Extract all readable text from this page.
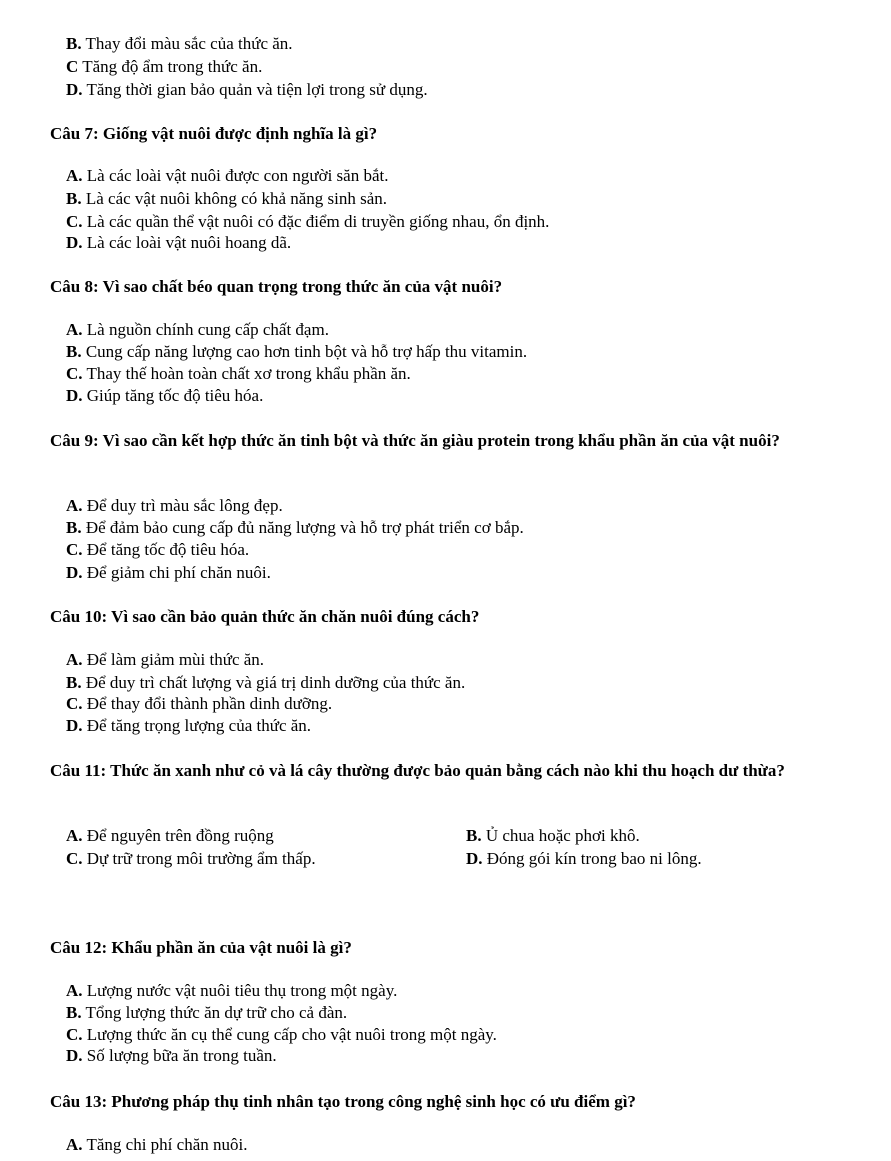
B. Thay đổi màu sắc của thức ăn.
C Tăng độ ẩm trong thức ăn.
D. Tăng thời gian bảo quản và tiện lợi trong sử dụng.
Câu 7: Giống vật nuôi được định nghĩa là gì?
A. Là các loài vật nuôi được con người săn bắt.
B. Là các vật nuôi không có khả năng sinh sản.
C. Là các quần thể vật nuôi có đặc điểm di truyền giống nhau, ổn định.
D. Là các loài vật nuôi hoang dã.
Câu 8: Vì sao chất béo quan trọng trong thức ăn của vật nuôi?
A. Là nguồn chính cung cấp chất đạm.
B. Cung cấp năng lượng cao hơn tinh bột và hỗ trợ hấp thu vitamin.
C. Thay thế hoàn toàn chất xơ trong khẩu phần ăn.
D. Giúp tăng tốc độ tiêu hóa.
Câu 9: Vì sao cần kết hợp thức ăn tinh bột và thức ăn giàu protein trong khẩu phần ăn của vật nuôi?
A. Để duy trì màu sắc lông đẹp.
B. Để đảm bảo cung cấp đủ năng lượng và hỗ trợ phát triển cơ bắp.
C. Để tăng tốc độ tiêu hóa.
D. Để giảm chi phí chăn nuôi.
Câu 10: Vì sao cần bảo quản thức ăn chăn nuôi đúng cách?
A. Để làm giảm mùi thức ăn.
B. Để duy trì chất lượng và giá trị dinh dưỡng của thức ăn.
C. Để thay đổi thành phần dinh dưỡng.
D. Để tăng trọng lượng của thức ăn.
Câu 11: Thức ăn xanh như cỏ và lá cây thường được bảo quản bằng cách nào khi thu hoạch dư thừa?
A. Để nguyên trên đồng ruộng	B. Ủ chua hoặc phơi khô.
C. Dự trữ trong môi trường ẩm thấp.	D. Đóng gói kín trong bao ni lông.
Câu 12: Khẩu phần ăn của vật nuôi là gì?
A. Lượng nước vật nuôi tiêu thụ trong một ngày.
B. Tổng lượng thức ăn dự trữ cho cả đàn.
C. Lượng thức ăn cụ thể cung cấp cho vật nuôi trong một ngày.
D. Số lượng bữa ăn trong tuần.
Câu 13: Phương pháp thụ tinh nhân tạo trong công nghệ sinh học có ưu điểm gì?
A. Tăng chi phí chăn nuôi.
